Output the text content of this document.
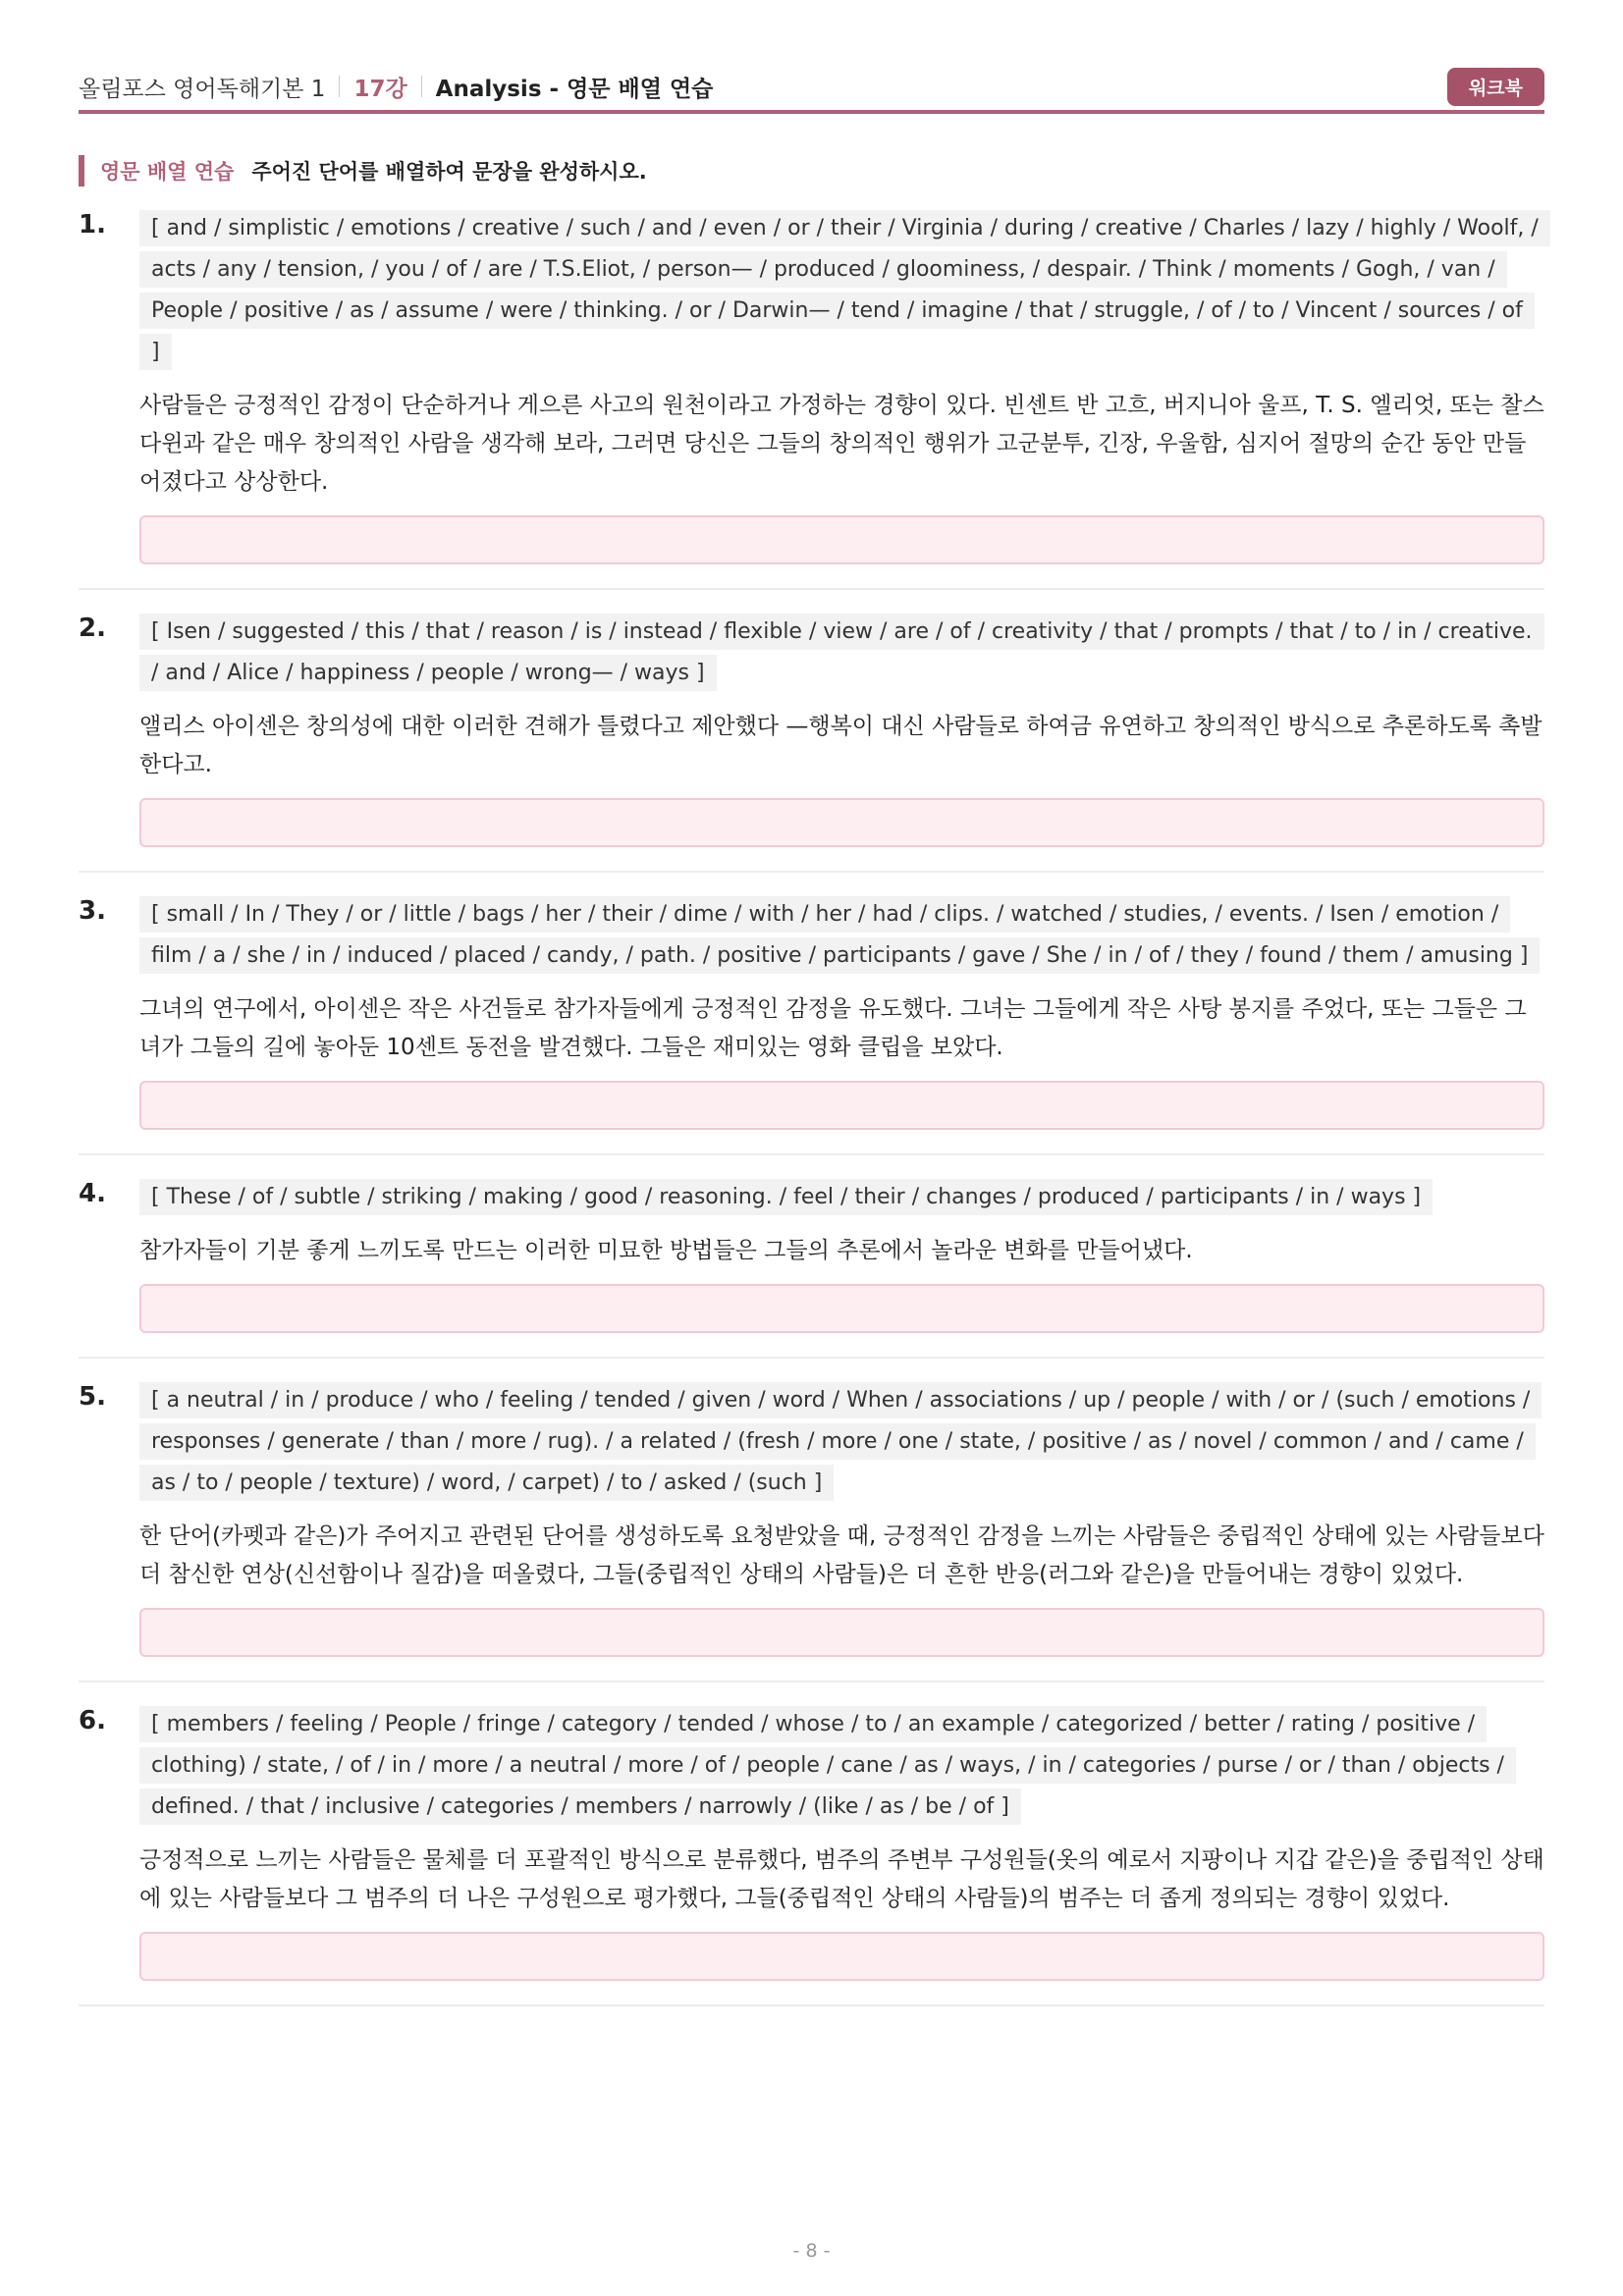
올림포스 영어독해기본 1 17강 Analysis - 영문 배열 연습	워크북
영문 배열 연습 주어진 단어를 배열하여 문장을 완성하시오.
1.	[ and / simplistic / emotions / creative / such / and / even / or / their / Virginia / during / creative / Charles / lazy / highly / Woolf, / acts / any / tension, / you / of / are / T.S.Eliot, / person— / produced / gloominess, / despair. / Think / moments / Gogh, / van / People / positive / as / assume / were / thinking. / or / Darwin— / tend / imagine / that / struggle, / of / to / Vincent / sources / of ]
사람들은 긍정적인 감정이 단순하거나 게으른 사고의 원천이라고 가정하는 경향이 있다. 빈센트 반 고흐, 버지니아 울프, T. S. 엘리엇, 또는 찰스 다윈과 같은 매우 창의적인 사람을 생각해 보라, 그러면 당신은 그들의 창의적인 행위가 고군분투, 긴장, 우울함, 심지어 절망의 순간 동안 만들어졌다고 상상한다.
2.	[ Isen / suggested / this / that / reason / is / instead / flexible / view / are / of / creativity / that / prompts / that / to / in / creative. / and / Alice / happiness / people / wrong— / ways ]
앨리스 아이센은 창의성에 대한 이러한 견해가 틀렸다고 제안했다 —행복이 대신 사람들로 하여금 유연하고 창의적인 방식으로 추론하도록 촉발한다고.
3.	[ small / In / They / or / little / bags / her / their / dime / with / her / had / clips. / watched / studies, / events. / Isen / emotion / film / a / she / in / induced / placed / candy, / path. / positive / participants / gave / She / in / of / they / found / them / amusing ]
그녀의 연구에서, 아이센은 작은 사건들로 참가자들에게 긍정적인 감정을 유도했다. 그녀는 그들에게 작은 사탕 봉지를 주었다, 또는 그들은 그녀가 그들의 길에 놓아둔 10센트 동전을 발견했다. 그들은 재미있는 영화 클립을 보았다.
4.	[ These / of / subtle / striking / making / good / reasoning. / feel / their / changes / produced / participants / in / ways ]
참가자들이 기분 좋게 느끼도록 만드는 이러한 미묘한 방법들은 그들의 추론에서 놀라운 변화를 만들어냈다.
5.	[ a neutral / in / produce / who / feeling / tended / given / word / When / associations / up / people / with / or / (such / emotions / responses / generate / than / more / rug). / a related / (fresh / more / one / state, / positive / as / novel / common / and / came / as / to / people / texture) / word, / carpet) / to / asked / (such ]
한 단어(카펫과 같은)가 주어지고 관련된 단어를 생성하도록 요청받았을 때, 긍정적인 감정을 느끼는 사람들은 중립적인 상태에 있는 사람들보다 더 참신한 연상(신선함이나 질감)을 떠올렸다, 그들(중립적인 상태의 사람들)은 더 흔한 반응(러그와 같은)을 만들어내는 경향이 있었다.
6.	[ members / feeling / People / fringe / category / tended / whose / to / an example / categorized / better / rating / positive / clothing) / state, / of / in / more / a neutral / more / of / people / cane / as / ways, / in / categories / purse / or / than / objects / defined. / that / inclusive / categories / members / narrowly / (like / as / be / of ]
긍정적으로 느끼는 사람들은 물체를 더 포괄적인 방식으로 분류했다, 범주의 주변부 구성원들(옷의 예로서 지팡이나 지갑 같은)을 중립적인 상태에 있는 사람들보다 그 범주의 더 나은 구성원으로 평가했다, 그들(중립적인 상태의 사람들)의 범주는 더 좁게 정의되는 경향이 있었다.
- 8 -
